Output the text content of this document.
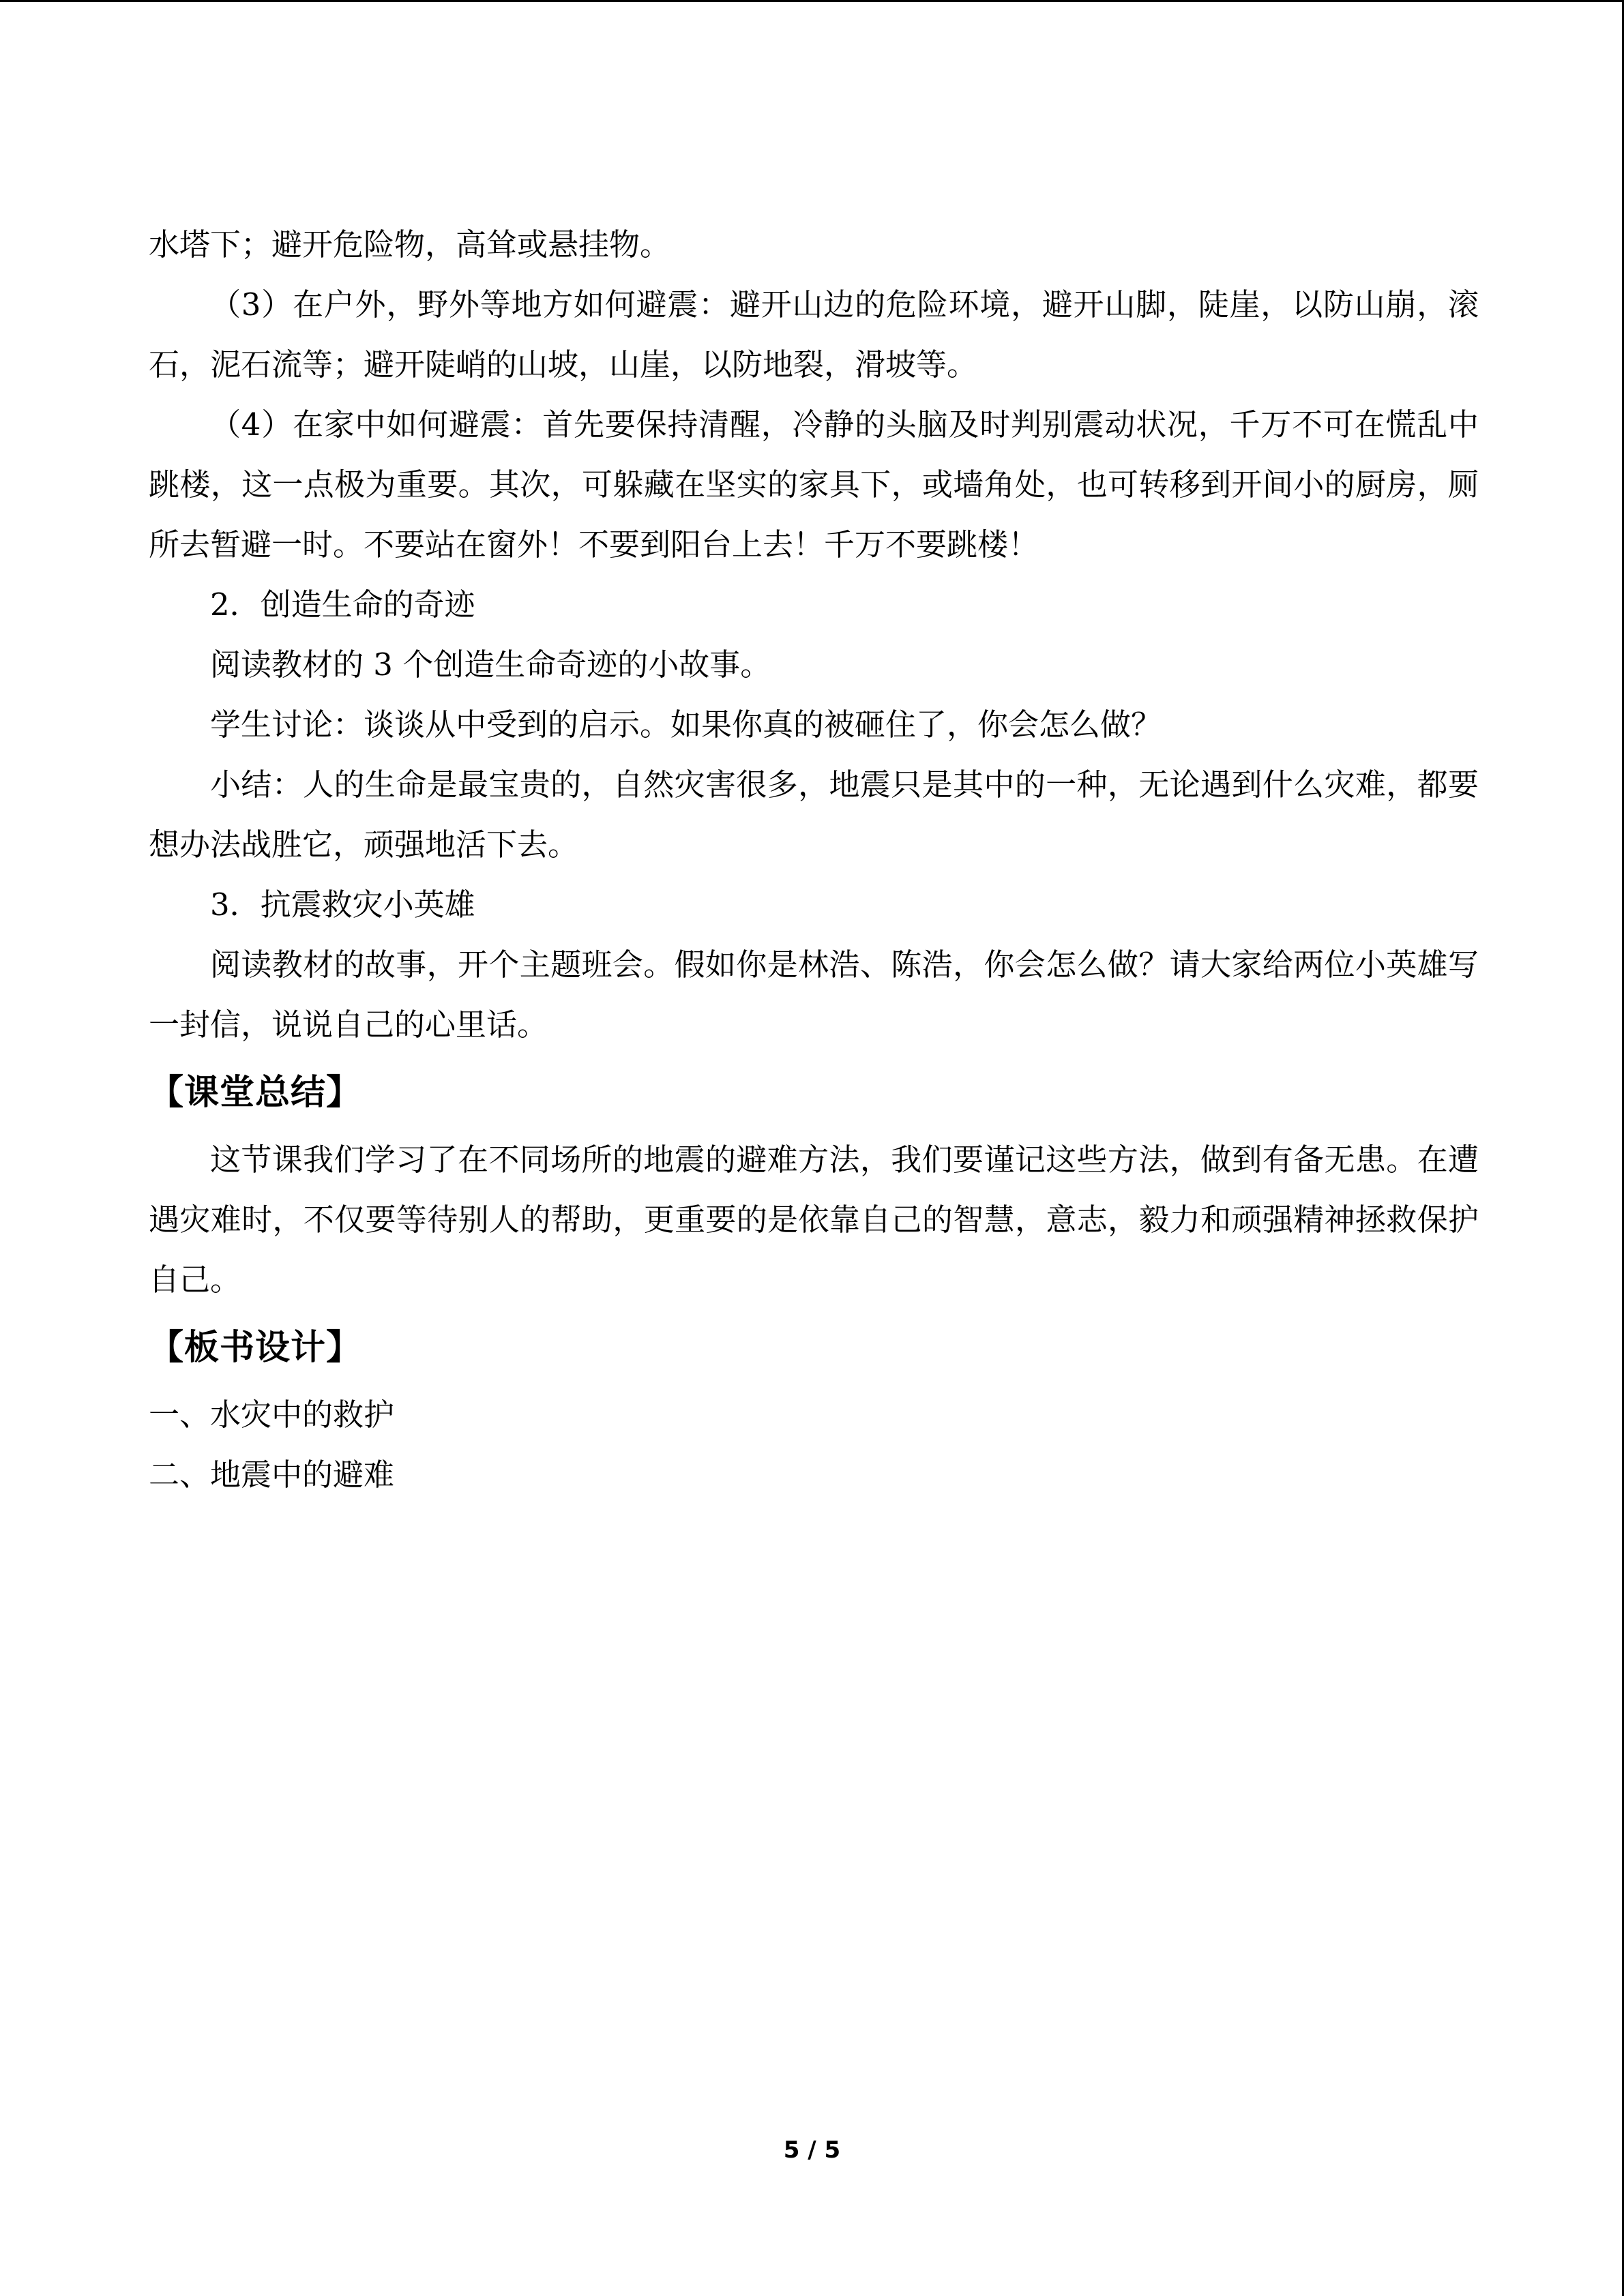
水塔下；避开危险物，高耸或悬挂物。

（3）在户外，野外等地方如何避震：避开山边的危险环境，避开山脚，陡崖，以防山崩，滚石，泥石流等；避开陡峭的山坡，山崖，以防地裂，滑坡等。

（4）在家中如何避震：首先要保持清醒，冷静的头脑及时判别震动状况，千万不可在慌乱中跳楼，这一点极为重要。其次，可躲藏在坚实的家具下，或墙角处，也可转移到开间小的厨房，厕所去暂避一时。不要站在窗外！不要到阳台上去！千万不要跳楼！

2．创造生命的奇迹

阅读教材的 3 个创造生命奇迹的小故事。

学生讨论：谈谈从中受到的启示。如果你真的被砸住了，你会怎么做？

小结：人的生命是最宝贵的，自然灾害很多，地震只是其中的一种，无论遇到什么灾难，都要想办法战胜它，顽强地活下去。

3．抗震救灾小英雄

阅读教材的故事，开个主题班会。假如你是林浩、陈浩，你会怎么做？请大家给两位小英雄写一封信，说说自己的心里话。

【课堂总结】

这节课我们学习了在不同场所的地震的避难方法，我们要谨记这些方法，做到有备无患。在遭遇灾难时，不仅要等待别人的帮助，更重要的是依靠自己的智慧，意志，毅力和顽强精神拯救保护自己。

【板书设计】

一、水灾中的救护

二、地震中的避难

5 / 5
